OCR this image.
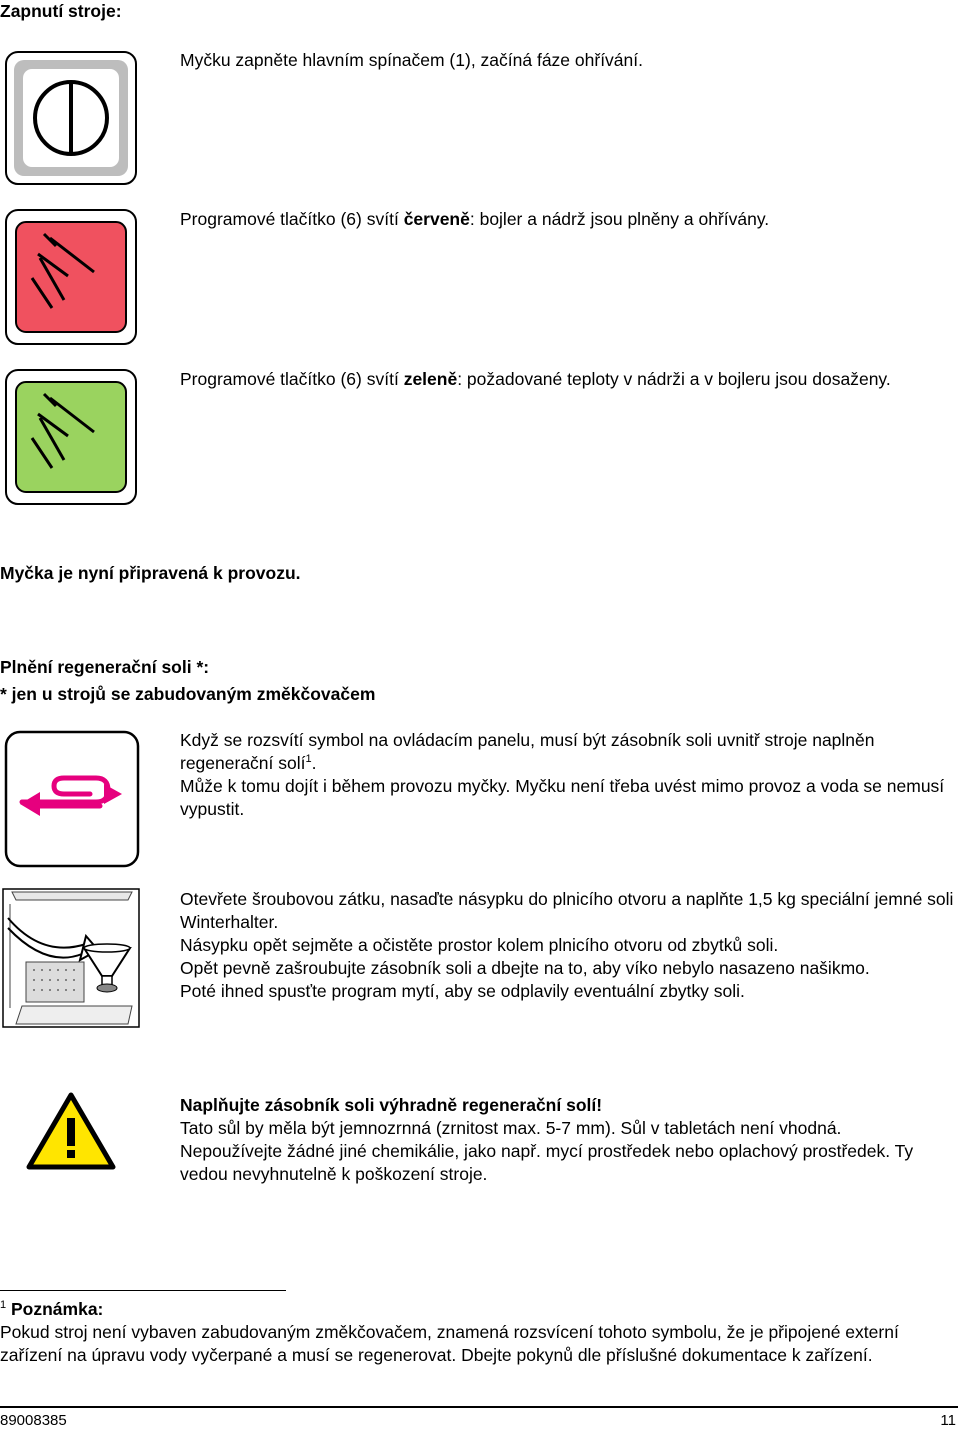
Zapnutí stroje:

Myčku zapněte hlavním spínačem (1), začíná fáze ohřívání.

Programové tlačítko (6) svítí červeně: bojler a nádrž jsou plněny a ohřívány.

Programové tlačítko (6) svítí zeleně: požadované teploty v nádrži a v bojleru jsou dosaženy.

Myčka je nyní připravená k provozu.
Plnění regenerační soli *:
* jen u strojů se zabudovaným změkčovačem

Když se rozsvítí symbol na ovládacím panelu, musí být zásobník soli uvnitř stroje naplněn regenerační solí$^1$.

Může k tomu dojít i během provozu myčky. Myčku není třeba uvést mimo provoz a voda se nemusí vypustit.

Otevřete šroubovou zátku, nasaďte násypku do plnicího otvoru a naplňte 1,5 kg speciální jemné soli Winterhalter.

Násypku opět sejměte a očistěte prostor kolem plnicího otvoru od zbytků soli.

Opět pevně zašroubujte zásobník soli a dbejte na to, aby víko nebylo nasazeno našikmo.

Poté ihned spusťte program mytí, aby se odplavily eventuální zbytky soli.

Naplňujte zásobník soli výhradně regenerační solí!

Tato sůl by měla být jemnozrnná (zrnitost max. 5-7 mm). Sůl v tabletách není vhodná.

Nepoužívejte žádné jiné chemikálie, jako např. mycí prostředek nebo oplachový prostředek. Ty vedou nevyhnutelně k poškození stroje.

$^1$ Poznámka:

Pokud stroj není vybaven zabudovaným změkčovačem, znamená rozsvícení tohoto symbolu, že je připojené externí zařízení na úpravu vody vyčerpané a musí se regenerovat. Dbejte pokynů dle příslušné dokumentace k zařízení.

89008385	11
